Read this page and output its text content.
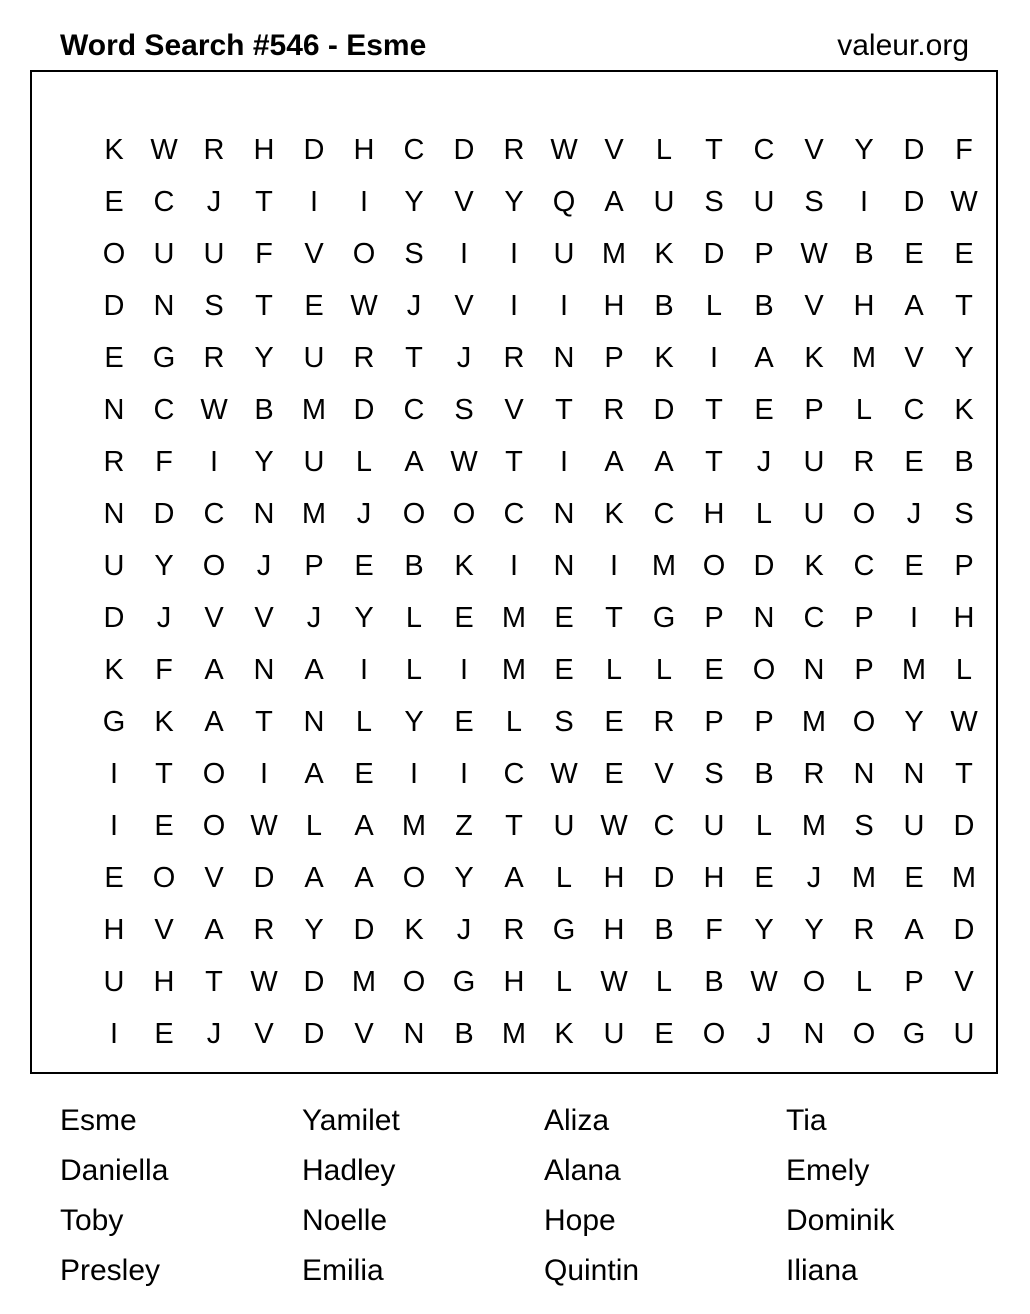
Word Search #546 - Esme	valeur.org
K W R	H	D	H	C	D	R W V	L	T	C	V	Y	D	F
E	C	J	T	I	I	Y	V	Y	Q	A	U	S	U	S	I	D W
O U	U	F	V	O	S	I	I	U M K	D	P W B	E	E
D	N	S	T	E W	J	V	I	I	H	B	L	B	V	H	A	T
E	G R	Y	U	R	T	J	R	N	P	K	I	A	K M V	Y
N	C W B M D	C	S	V	T	R	D	T	E	P	L	C	K
R	F	I	Y	U	L	A W T	I	A	A	T	J	U	R	E	B
N	D	C	N M	J	O O C	N	K	C	H	L	U O	J	S
U	Y	O	J	P	E	B	K	I	N	I	M O D	K	C	E	P
D	J	V	V	J	Y	L	E M E	T	G	P	N	C	P	I	H
K	F	A	N	A	I	L	I	M E	L	L	E	O N	P M	L
G	K	A	T	N	L	Y	E	L	S	E	R	P	P M O	Y W
I	T	O	I	A	E	I	I	C W E	V	S	B	R	N	N	T
I	E	O W L	A M	Z	T	U W C	U	L	M S	U	D
E	O	V	D	A	A	O	Y	A	L	H	D	H	E	J	M E M
H	V	A	R	Y	D	K	J	R G H	B	F	Y	Y	R	A	D
U	H	T W D M O G H	L W L	B W O	L	P	V
I	E	J	V	D	V	N	B M K	U	E	O	J	N O G U
Esme	Yamilet	Aliza	Tia
Daniella	Hadley	Alana	Emely
Toby	Noelle	Hope	Dominik
Presley	Emilia	Quintin	Iliana
